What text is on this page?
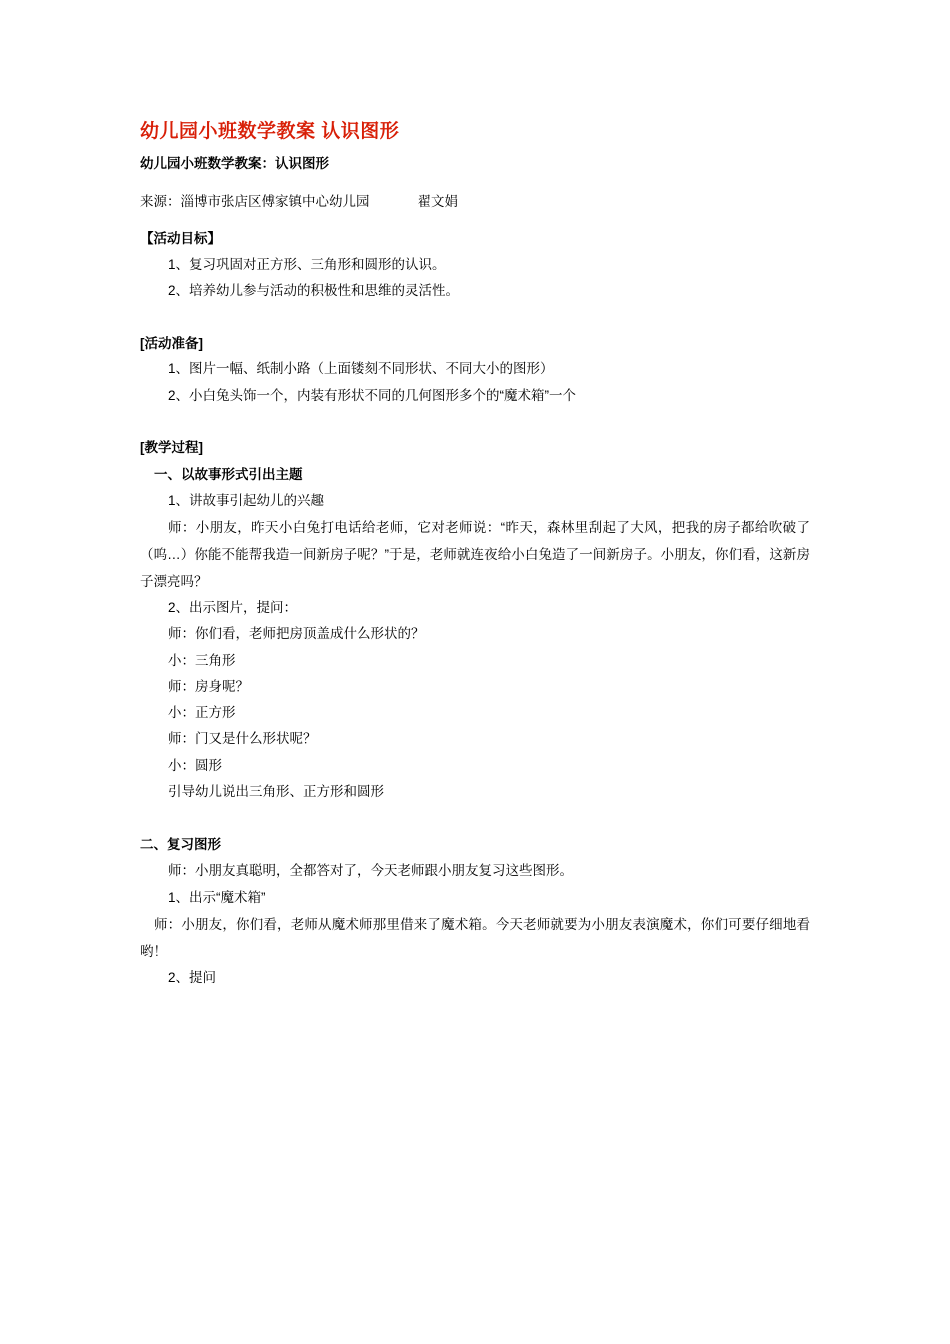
幼儿园小班数学教案 认识图形
幼儿园小班数学教案：认识图形
来源：淄博市张店区傅家镇中心幼儿园	翟文娟
【活动目标】

1、复习巩固对正方形、三角形和圆形的认识。

2、培养幼儿参与活动的积极性和思维的灵活性。

[活动准备]

1、图片一幅、纸制小路（上面镂刻不同形状、不同大小的图形）

2、小白兔头饰一个，内装有形状不同的几何图形多个的“魔术箱”一个

[教学过程]
一、以故事形式引出主题

1、讲故事引起幼儿的兴趣

师：小朋友，昨天小白兔打电话给老师，它对老师说：“昨天，森林里刮起了大风，把我的房子都给吹破了（呜…）你能不能帮我造一间新房子呢？”于是，老师就连夜给小白兔造了一间新房子。小朋友，你们看，这新房子漂亮吗？

2、出示图片，提问：

师：你们看，老师把房顶盖成什么形状的？

小：三角形

师：房身呢？

小：正方形

师：门又是什么形状呢？

小：圆形

引导幼儿说出三角形、正方形和圆形

二、复习图形

师：小朋友真聪明，全都答对了，今天老师跟小朋友复习这些图形。

1、出示“魔术箱”

师：小朋友，你们看，老师从魔术师那里借来了魔术箱。今天老师就要为小朋友表演魔术，你们可要仔细地看哟！

2、提问
